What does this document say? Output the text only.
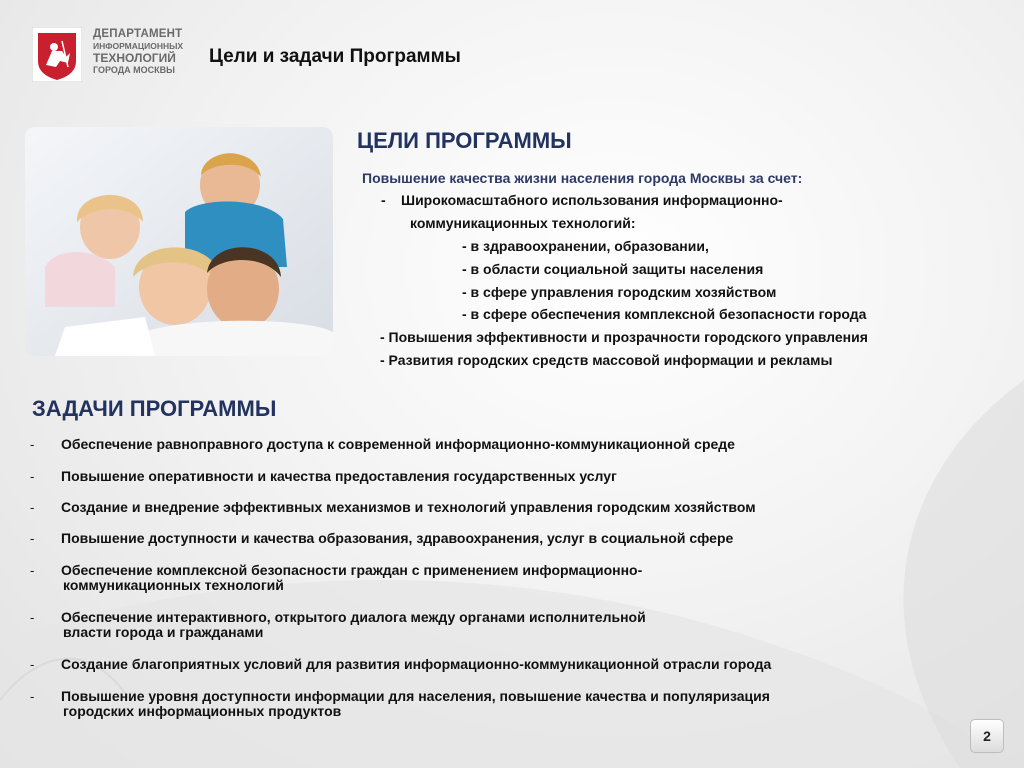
ДЕПАРТАМЕНТ
ИНФОРМАЦИОННЫХ
ТЕХНОЛОГИЙ
ГОРОДА МОСКВЫ
Цели и задачи Программы
ЦЕЛИ ПРОГРАММЫ
Повышение качества жизни населения города Москвы за счет:
- Широкомасштабного использования информационно-
коммуникационных технологий:
- в здравоохранении, образовании,
- в области социальной защиты населения
- в сфере управления городским хозяйством
- в сфере обеспечения комплексной безопасности города
- Повышения эффективности и прозрачности городского управления
- Развития городских средств массовой информации и рекламы
ЗАДАЧИ ПРОГРАММЫ
- Обеспечение равноправного доступа к современной информационно-коммуникационной среде
- Повышение оперативности и качества предоставления государственных услуг
- Создание и внедрение эффективных механизмов и технологий управления городским хозяйством
- Повышение доступности и качества образования, здравоохранения, услуг в социальной сфере
- Обеспечение комплексной безопасности граждан с применением информационно-
коммуникационных технологий
- Обеспечение интерактивного, открытого диалога между органами исполнительной
власти города и гражданами
- Создание благоприятных условий для развития информационно-коммуникационной отрасли города
- Повышение уровня доступности информации для населения, повышение качества и популяризация
городских информационных продуктов
2
